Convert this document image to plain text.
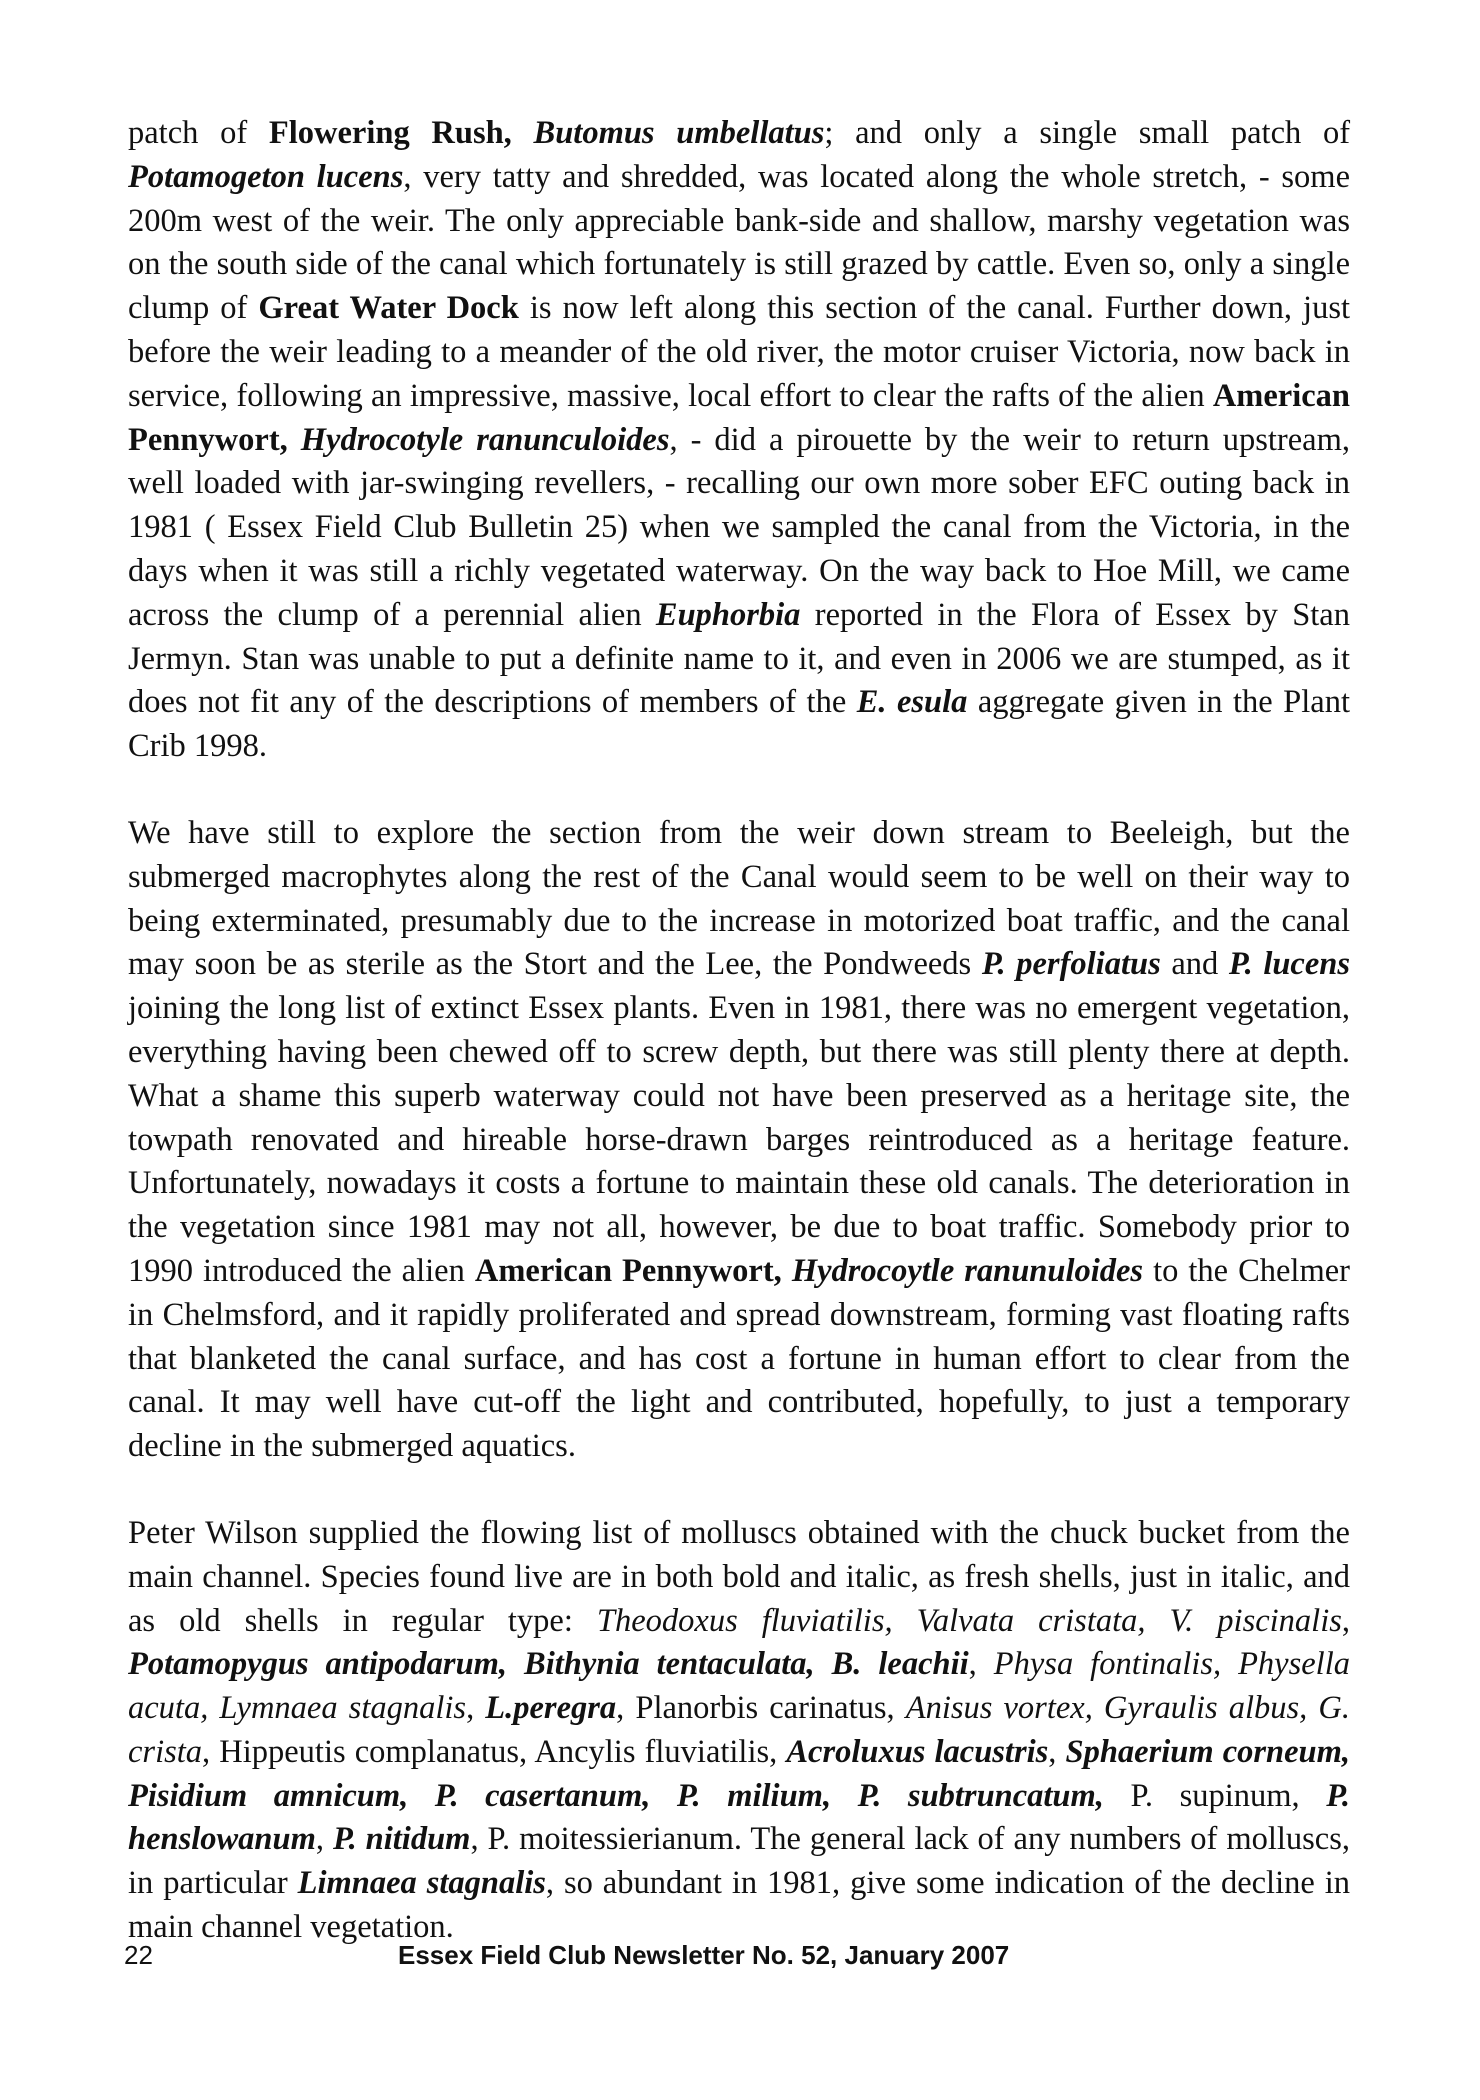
patch of Flowering Rush, Butomus umbellatus; and only a single small patch of Potamogeton lucens, very tatty and shredded, was located along the whole stretch, - some 200m west of the weir. The only appreciable bank-side and shallow, marshy vegetation was on the south side of the canal which fortunately is still grazed by cattle. Even so, only a single clump of Great Water Dock is now left along this section of the canal. Further down, just before the weir leading to a meander of the old river, the motor cruiser Victoria, now back in service, following an impressive, massive, local effort to clear the rafts of the alien American Pennywort, Hydrocotyle ranunculoides, - did a pirouette by the weir to return upstream, well loaded with jar-swinging revellers, - recalling our own more sober EFC outing back in 1981 ( Essex Field Club Bulletin 25) when we sampled the canal from the Victoria, in the days when it was still a richly vegetated waterway. On the way back to Hoe Mill, we came across the clump of a perennial alien Euphorbia reported in the Flora of Essex by Stan Jermyn. Stan was unable to put a definite name to it, and even in 2006 we are stumped, as it does not fit any of the descriptions of members of the E. esula aggregate given in the Plant Crib 1998.

We have still to explore the section from the weir down stream to Beeleigh, but the submerged macrophytes along the rest of the Canal would seem to be well on their way to being exterminated, presumably due to the increase in motorized boat traffic, and the canal may soon be as sterile as the Stort and the Lee, the Pondweeds P. perfoliatus and P. lucens joining the long list of extinct Essex plants. Even in 1981, there was no emergent vegetation, everything having been chewed off to screw depth, but there was still plenty there at depth. What a shame this superb waterway could not have been preserved as a heritage site, the towpath renovated and hireable horse-drawn barges reintroduced as a heritage feature. Unfortunately, nowadays it costs a fortune to maintain these old canals. The deterioration in the vegetation since 1981 may not all, however, be due to boat traffic. Somebody prior to 1990 introduced the alien American Pennywort, Hydrocoytle ranunuloides to the Chelmer in Chelmsford, and it rapidly proliferated and spread downstream, forming vast floating rafts that blanketed the canal surface, and has cost a fortune in human effort to clear from the canal. It may well have cut-off the light and contributed, hopefully, to just a temporary decline in the submerged aquatics.

Peter Wilson supplied the flowing list of molluscs obtained with the chuck bucket from the main channel. Species found live are in both bold and italic, as fresh shells, just in italic, and as old shells in regular type: Theodoxus fluviatilis, Valvata cristata, V. piscinalis, Potamopygus antipodarum, Bithynia tentaculata, B. leachii, Physa fontinalis, Physella acuta, Lymnaea stagnalis, L.peregra, Planorbis carinatus, Anisus vortex, Gyraulis albus, G. crista, Hippeutis complanatus, Ancylis fluviatilis, Acroluxus lacustris, Sphaerium corneum, Pisidium amnicum, P. casertanum, P. milium, P. subtruncatum, P. supinum, P. henslowanum, P. nitidum, P. moitessierianum. The general lack of any numbers of molluscs, in particular Limnaea stagnalis, so abundant in 1981, give some indication of the decline in main channel vegetation.

22	Essex Field Club Newsletter No. 52, January 2007
